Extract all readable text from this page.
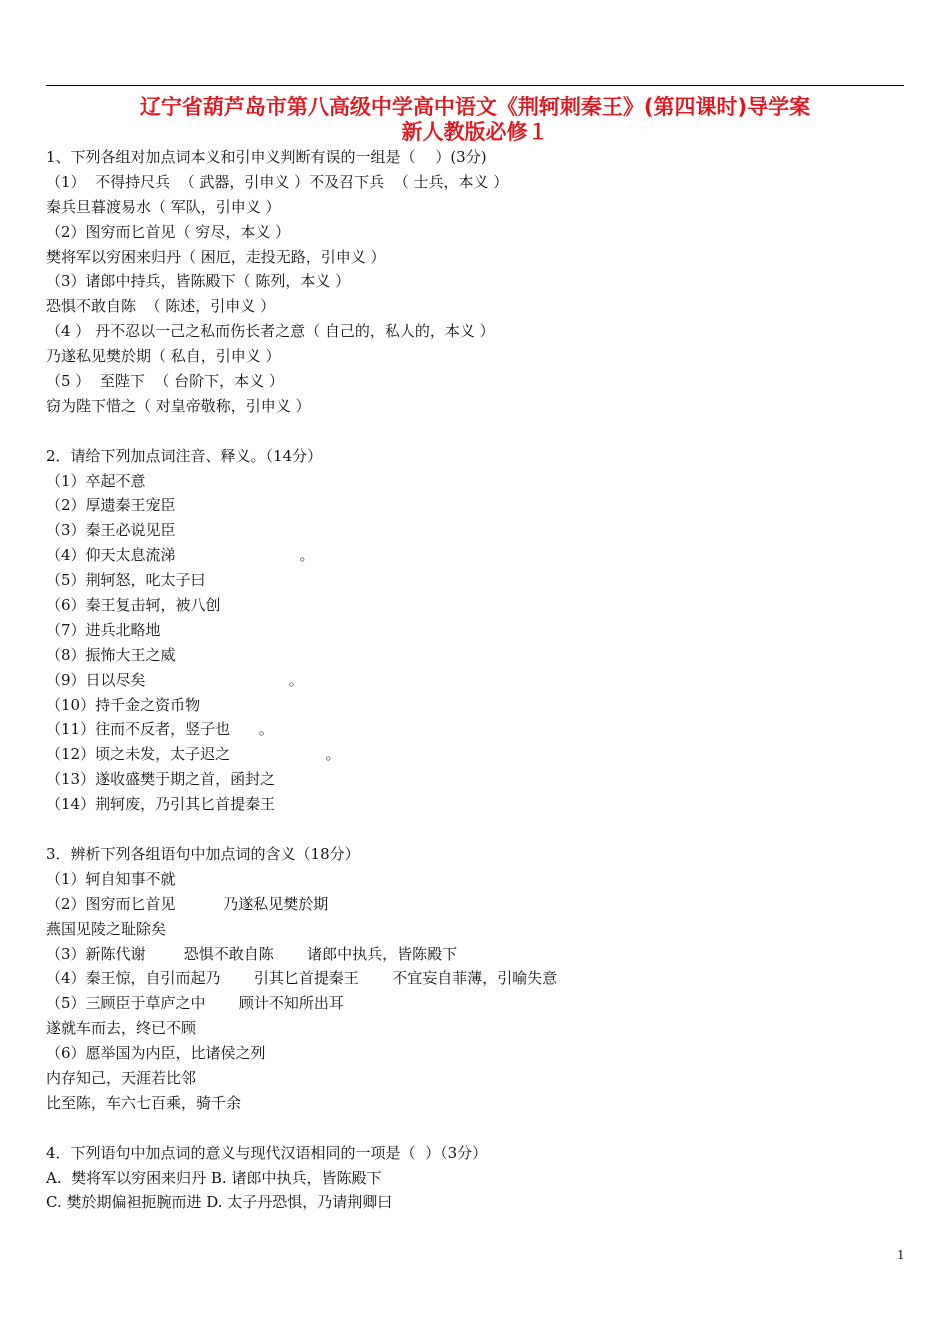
辽宁省葫芦岛市第八高级中学高中语文《荆轲刺秦王》(第四课时)导学案
新人教版必修１
1、下列各组对加点词本义和引申义判断有误的一组是（　 ）(3分)
（1）  不得持尺兵  （ 武器，引申义 ）不及召下兵  （ 士兵，本义 ）
秦兵旦暮渡易水（ 军队，引申义 ）
（2）图穷而匕首见（ 穷尽，本义 ）
樊将军以穷困来归丹（ 困厄，走投无路，引申义 ）
（3）诸郎中持兵，皆陈殿下（ 陈列，本义 ）
恐惧不敢自陈  （ 陈述，引申义 ）
（4 ） 丹不忍以一己之私而伤长者之意（ 自己的，私人的，本义 ）
乃遂私见樊於期（ 私自，引申义 ）
（5 ）  至陛下  （ 台阶下，本义 ）
窃为陛下惜之（ 对皇帝敬称，引申义 ）
2．请给下列加点词注音、释义。（14分）
（1）卒起不意
（2）厚遗秦王宠臣
（3）秦王必说见臣
（4）仰天太息流涕                          。
（5）荆轲怒，叱太子曰
（6）秦王复击轲，被八创
（7）进兵北略地
（8）振怖大王之威
（9）日以尽矣                              。
（10）持千金之资币物
（11）往而不反者，竖子也      。
（12）顷之未发，太子迟之                    。
（13）遂收盛樊于期之首，函封之
（14）荆轲废，乃引其匕首提秦王
3．辨析下列各组语句中加点词的含义（18分）
（1）轲自知事不就
（2）图穷而匕首见          乃遂私见樊於期
燕国见陵之耻除矣
（3）新陈代谢        恐惧不敢自陈       诸郎中执兵，皆陈殿下
（4）秦王惊，自引而起乃       引其匕首提秦王       不宜妄自菲薄，引喻失意
（5）三顾臣于草庐之中       顾计不知所出耳
遂就车而去，终已不顾
（6）愿举国为内臣，比诸侯之列
内存知己，天涯若比邻
比至陈，车六七百乘，骑千余
4．下列语句中加点词的意义与现代汉语相同的一项是（  ）（3分）
A.  樊将军以穷困来归丹 B. 诸郎中执兵，皆陈殿下
C. 樊於期偏袒扼腕而进 D. 太子丹恐惧，乃请荆卿曰
1
